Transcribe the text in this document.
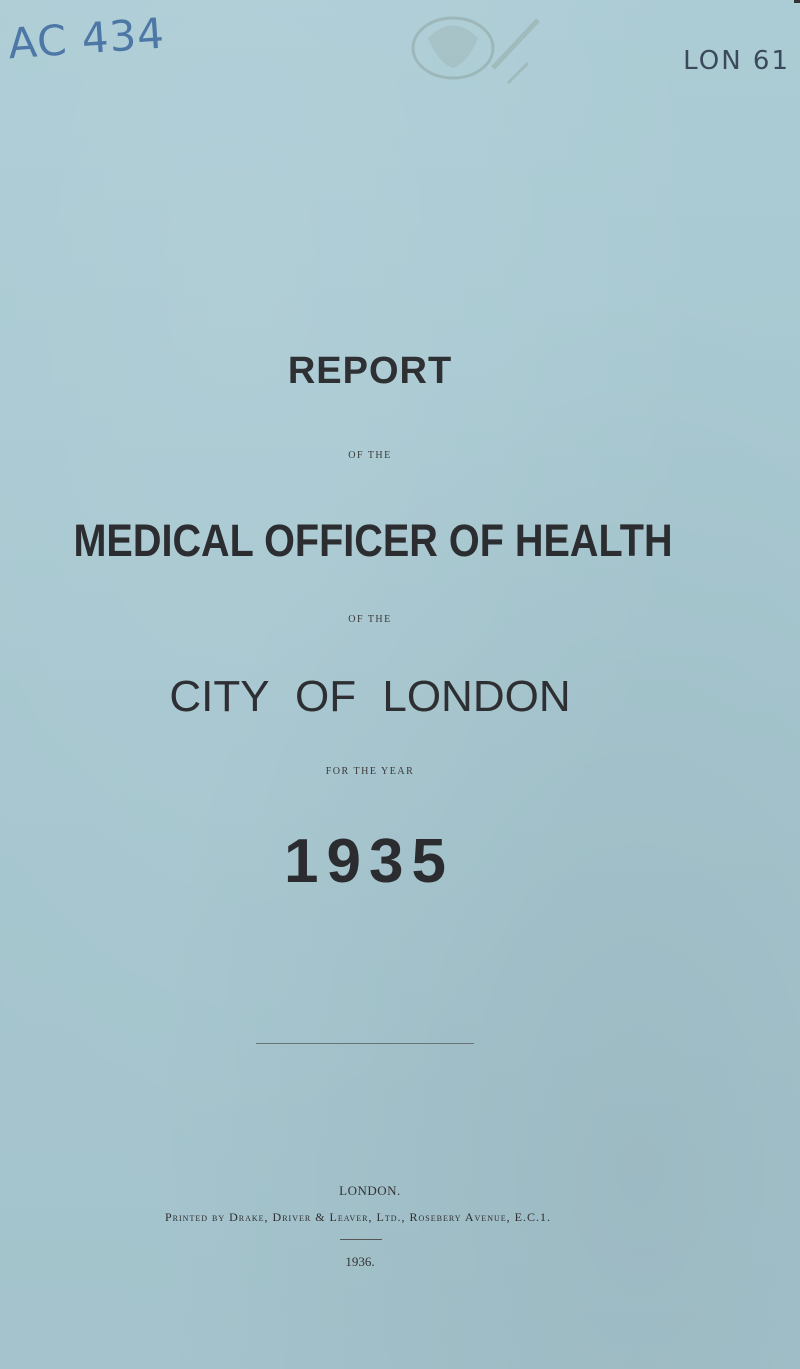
AC 434	LON 61
REPORT
OF THE
MEDICAL OFFICER OF HEALTH
OF THE
CITY OF LONDON
FOR THE YEAR
1935
LONDON.
Printed by Drake, Driver & Leaver, Ltd., Rosebery Avenue, E.C.1.
1936.
